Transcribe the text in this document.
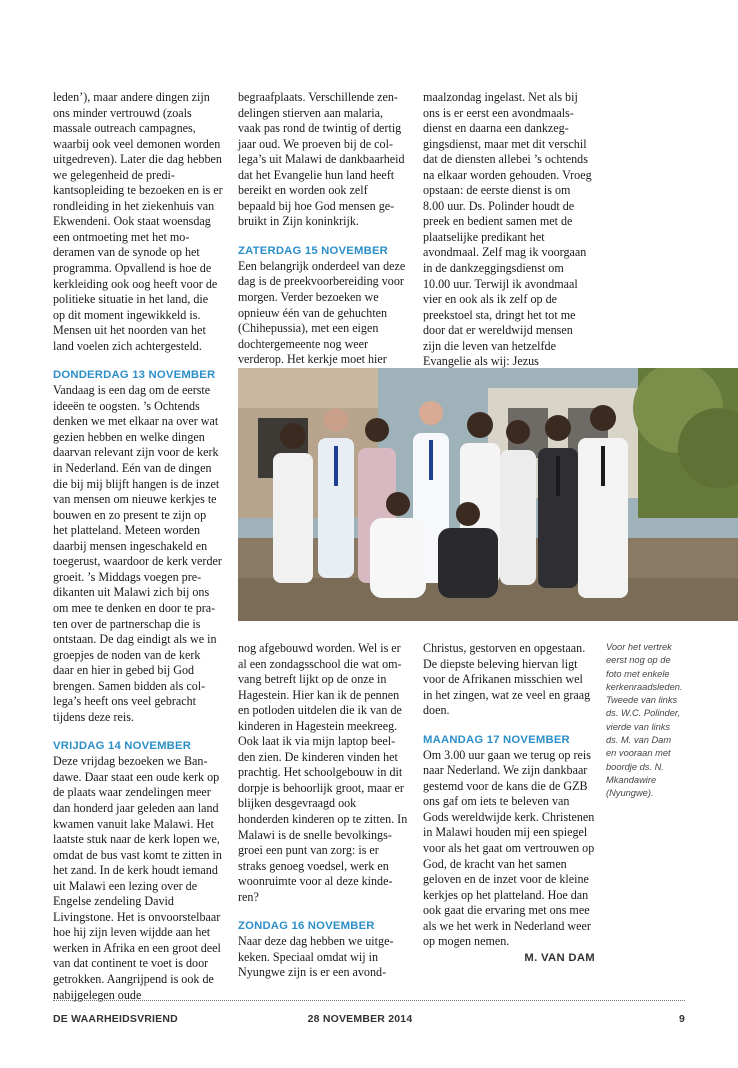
leden’), maar andere dingen zijn ons minder vertrouwd (zoals massale outreach campagnes, waarbij ook veel demonen worden uitgedreven). Later die dag hebben we gelegenheid de predikantsopleiding te bezoeken en is er rondleiding in het ziekenhuis van Ekwendeni. Ook staat woensdag een ontmoeting met het moderamen van de synode op het programma. Opvallend is hoe de kerkleiding ook oog heeft voor de politieke situatie in het land, die op dit moment ingewikkeld is. Mensen uit het noorden van het land voelen zich achtergesteld.

DONDERDAG 13 NOVEMBER

Vandaag is een dag om de eerste ideeën te oogsten. ’s Ochtends denken we met elkaar na over wat gezien hebben en welke dingen daarvan relevant zijn voor de kerk in Nederland. Eén van de dingen die bij mij blijft hangen is de inzet van mensen om nieuwe kerkjes te bouwen en zo present te zijn op het platteland. Meteen worden daarbij mensen ingeschakeld en toegerust, waardoor de kerk verder groeit. ’s Middags voegen predikanten uit Malawi zich bij ons om mee te denken en door te praten over de partnerschap die is ontstaan. De dag eindigt als we in groepjes de noden van de kerk daar en hier in gebed bij God brengen. Samen bidden als collega’s heeft ons veel gebracht tijdens deze reis.

VRIJDAG 14 NOVEMBER

Deze vrijdag bezoeken we Bandawe. Daar staat een oude kerk op de plaats waar zendelingen meer dan honderd jaar geleden aan land kwamen vanuit lake Malawi. Het laatste stuk naar de kerk lopen we, omdat de bus vast komt te zitten in het zand. In de kerk houdt iemand uit Malawi een lezing over de Engelse zendeling David Livingstone. Het is onvoorstelbaar hoe hij zijn leven wijdde aan het werken in Afrika en een groot deel van dat continent te voet is door getrokken. Aangrijpend is ook de nabijgelegen oude

begraafplaats. Verschillende zendelingen stierven aan malaria, vaak pas rond de twintig of dertig jaar oud. We proeven bij de collega’s uit Malawi de dankbaarheid dat het Evangelie hun land heeft bereikt en worden ook zelf bepaald bij hoe God mensen gebruikt in Zijn koninkrijk.

ZATERDAG 15 NOVEMBER

Een belangrijk onderdeel van deze dag is de preekvoorbereiding voor morgen. Verder bezoeken we opnieuw één van de gehuchten (Chihepussia), met een eigen dochtergemeente nog weer verderop. Het kerkje moet hier

maalzondag ingelast. Net als bij ons is er eerst een avondmaalsdienst en daarna een dankzeggingsdienst, maar met dit verschil dat de diensten allebei ’s ochtends na elkaar worden gehouden. Vroeg opstaan: de eerste dienst is om 8.00 uur. Ds. Polinder houdt de preek en bedient samen met de plaatselijke predikant het avondmaal. Zelf mag ik voorgaan in de dankzeggingsdienst om 10.00 uur. Terwijl ik avondmaal vier en ook als ik zelf op de preekstoel sta, dringt het tot me door dat er wereldwijd mensen zijn die leven van hetzelfde Evangelie als wij: Jezus

nog afgebouwd worden. Wel is er al een zondagsschool die wat omvang betreft lijkt op de onze in Hagestein. Hier kan ik de pennen en potloden uitdelen die ik van de kinderen in Hagestein meekreeg. Ook laat ik via mijn laptop beelden zien. De kinderen vinden het prachtig. Het schoolgebouw in dit dorpje is behoorlijk groot, maar er blijken desgevraagd ook honderden kinderen op te zitten. In Malawi is de snelle bevolkingsgroei een punt van zorg: is er straks genoeg voedsel, werk en woonruimte voor al deze kinderen?

ZONDAG 16 NOVEMBER

Naar deze dag hebben we uitgekeken. Speciaal omdat wij in Nyungwe zijn is er een avond-

Christus, gestorven en opgestaan. De diepste beleving hiervan ligt voor de Afrikanen misschien wel in het zingen, wat ze veel en graag doen.

MAANDAG 17 NOVEMBER

Om 3.00 uur gaan we terug op reis naar Nederland. We zijn dankbaar gestemd voor de kans die de GZB ons gaf om iets te beleven van Gods wereldwijde kerk. Christenen in Malawi houden mij een spiegel voor als het gaat om vertrouwen op God, de kracht van het samen geloven en de inzet voor de kleine kerkjes op het platteland. Hoe dan ook gaat die ervaring met ons mee als we het werk in Nederland weer op mogen nemen.

M. VAN DAM
Voor het vertrek
eerst nog op de
foto met enkele
kerkenraadsleden.
Tweede van links
ds. W.C. Polinder,
vierde van links
ds. M. van Dam
en vooraan met
boordje ds. N.
Mkandawire
(Nyungwe).
DE WAARHEIDSVRIEND	28 NOVEMBER 2014	9
